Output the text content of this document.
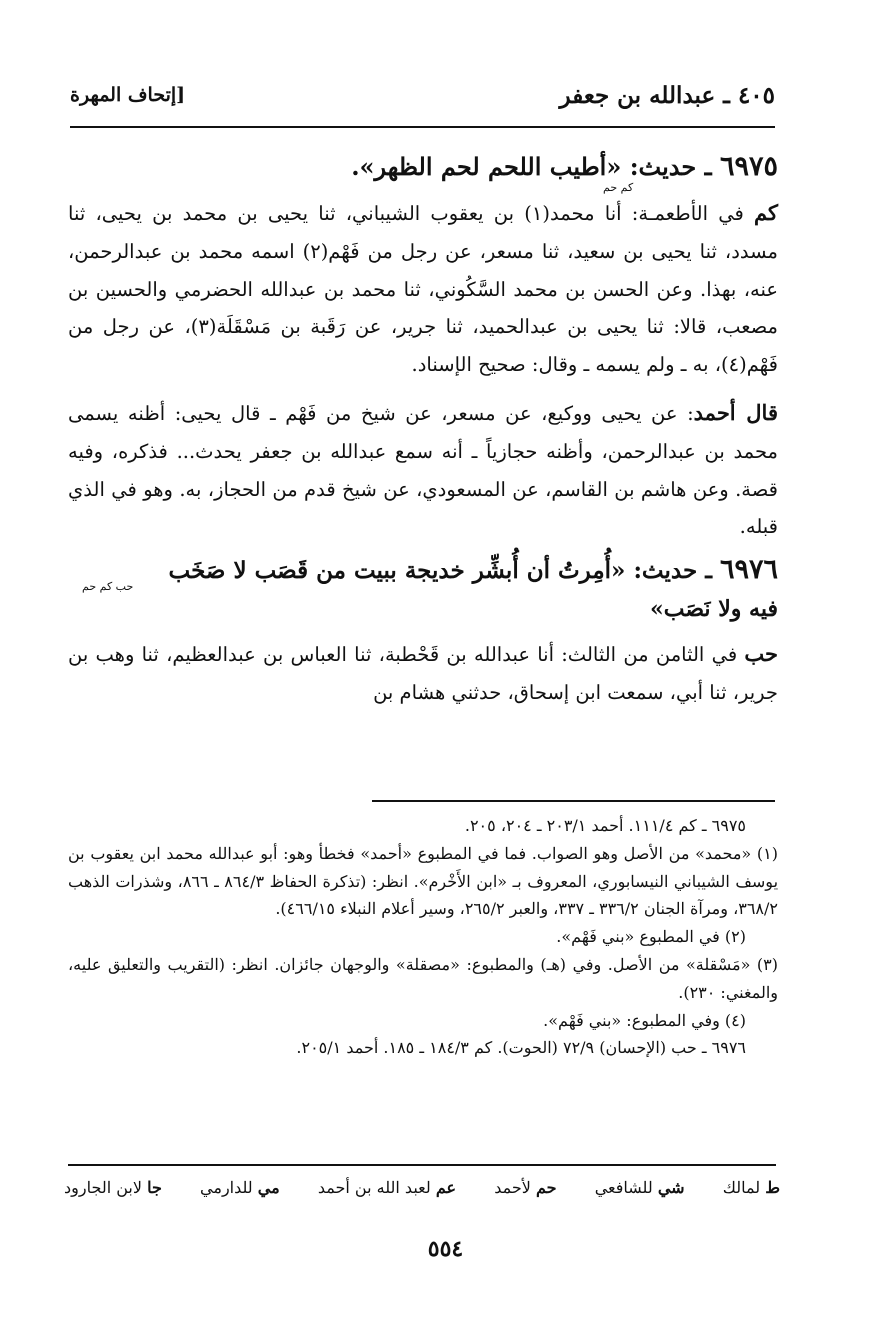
٤٠٥ ـ عبدالله بن جعفر
[إتحاف المهرة

٦٩٧٥ ـ حديث: «أطيب اللحم لحم الظهر».

كم حم

كم في الأطعمـة: أنا محمد(١) بن يعقوب الشيباني، ثنا يحيى بن محمد بن يحيى، ثنا مسدد، ثنا يحيى بن سعيد، ثنا مسعر، عن رجل من فَهْم(٢) اسمه محمد بن عبدالرحمن، عنه، بهذا. وعن الحسن بن محمد السَّكُوني، ثنا محمد بن عبدالله الحضرمي والحسين بن مصعب، قالا: ثنا يحيى بن عبدالحميد، ثنا جرير، عن رَقَبة بن مَسْقَلَة(٣)، عن رجل من فَهْم(٤)، به ـ ولم يسمه ـ وقال: صحيح الإسناد.

قال أحمد: عن يحيى ووكيع، عن مسعر، عن شيخ من فَهْم ـ قال يحيى: أظنه يسمى محمد بن عبدالرحمن، وأظنه حجازياً ـ أنه سمع عبدالله بن جعفر يحدث... فذكره، وفيه قصة. وعن هاشم بن القاسم، عن المسعودي، عن شيخ قدم من الحجاز، به. وهو في الذي قبله.

٦٩٧٦ ـ حديث: «أُمِرتُ أن أُبشِّر خديجة ببيت من قَصَب لا صَخَب

حب كم حم

فيه ولا نَصَب»

حب في الثامن من الثالث: أنا عبدالله بن قَحْطبة، ثنا العباس بن عبدالعظيم، ثنا وهب بن جرير، ثنا أبي، سمعت ابن إسحاق، حدثني هشام بن

٦٩٧٥ ـ كم ١١١/٤. أحمد ٢٠٣/١ ـ ٢٠٤، ٢٠٥.

(١) «محمد» من الأصل وهو الصواب. فما في المطبوع «أحمد» فخطأ وهو: أبو عبدالله محمد ابن يعقوب بن يوسف الشيباني النيسابوري، المعروف بـ «ابن الأَخْرم». انظر: (تذكرة الحفاظ ٨٦٤/٣ ـ ٨٦٦، وشذرات الذهب ٣٦٨/٢، ومرآة الجنان ٣٣٦/٢ ـ ٣٣٧، والعبر ٢٦٥/٢، وسير أعلام النبلاء ٤٦٦/١٥).

(٢) في المطبوع «بني فَهْم».

(٣) «مَسْقلة» من الأصل. وفي (هـ) والمطبوع: «مصقلة» والوجهان جائزان. انظر: (التقريب والتعليق عليه، والمغني: ٢٣٠).

(٤) وفي المطبوع: «بني فَهْم».

٦٩٧٦ ـ حب (الإحسان) ٧٢/٩ (الحوت). كم ١٨٤/٣ ـ ١٨٥. أحمد ٢٠٥/١.

ط لمالك
شي للشافعي
حم لأحمد
عم لعبد الله بن أحمد
مي للدارمي
جا لابن الجارود
٥٥٤
